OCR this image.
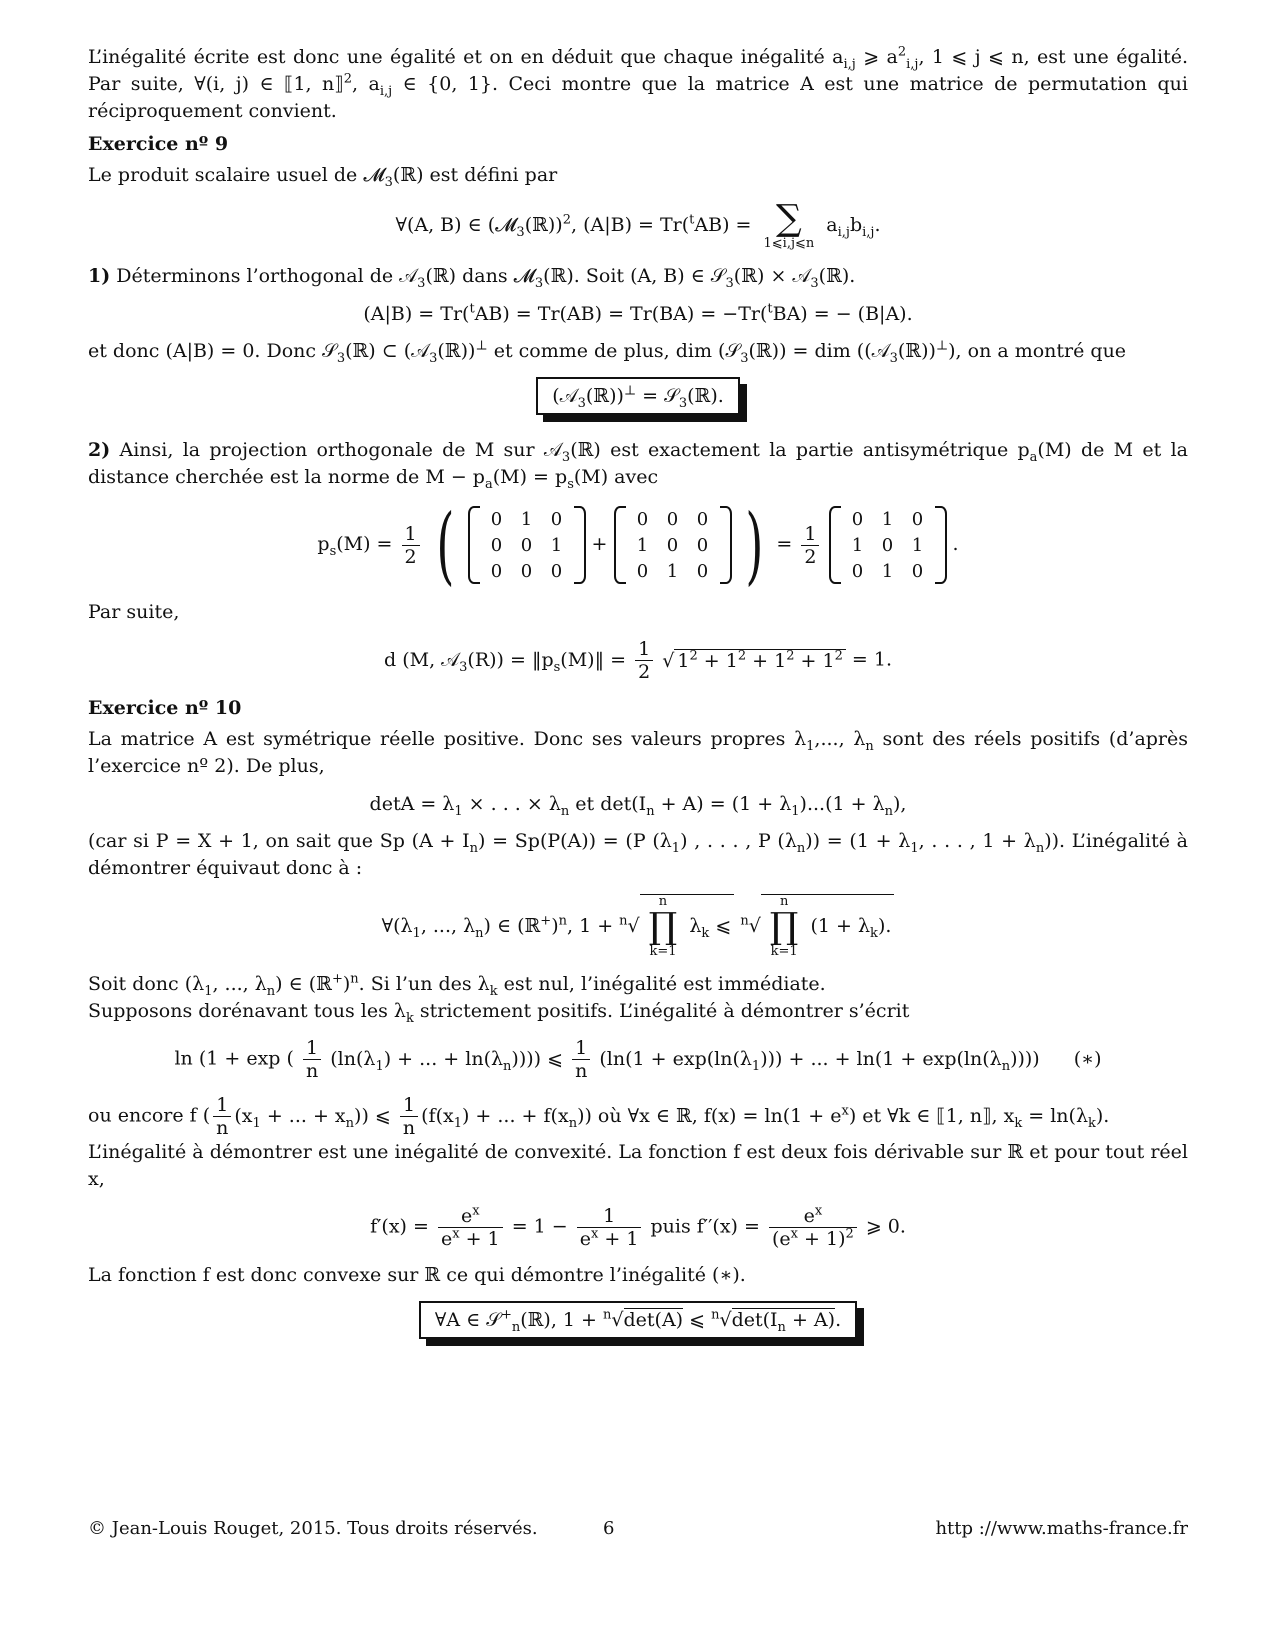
L’inégalité écrite est donc une égalité et on en déduit que chaque inégalité $a_{i,j}$ ⩾ $a^2_{i,j}$, 1 ⩽ j ⩽ n, est une égalité. Par suite, ∀(i, j) ∈ ⟦1, n⟧$^2$, $a_{i,j}$ ∈ {0, 1}. Ceci montre que la matrice A est une matrice de permutation qui réciproquement convient.

Exercice nº 9

Le produit scalaire usuel de 𝓜$_3$(ℝ) est défini par

∀(A, B) ∈ (𝓜$_3$(ℝ))$^2$, (A|B) = Tr($^t$AB) = ∑
1⩽i,j⩽n
$a_{i,j}b_{i,j}$.

1) Déterminons l’orthogonal de 𝒜$_3$(ℝ) dans 𝓜$_3$(ℝ). Soit (A, B) ∈ 𝒮$_3$(ℝ) × 𝒜$_3$(ℝ).

(A|B) = Tr($^t$AB) = Tr(AB) = Tr(BA) = −Tr($^t$BA) = − (B|A).

et donc (A|B) = 0. Donc 𝒮$_3$(ℝ) ⊂ (𝒜$_3$(ℝ))⊥ et comme de plus, dim (𝒮$_3$(ℝ)) = dim ((𝒜$_3$(ℝ))⊥), on a montré que

(𝒜$_3$(ℝ))⊥ = 𝒮$_3$(ℝ).

2) Ainsi, la projection orthogonale de M sur 𝒜$_3$(ℝ) est exactement la partie antisymétrique $p_a(M)$ de M et la distance cherchée est la norme de $M - p_a(M) = p_s(M)$ avec

$p_s(M) = \frac{1}{2}$ ( 0	1	0
0	0	1
0	0	0
+
0	0	0
1	0	0
0	1	0 ) = $\frac{1}{2}$

0	1	0
1	0	1
0	1	0
.

Par suite,

d (M, 𝒜$_3$(R)) = $‖p_s(M)‖ = \frac{1}{2}$ √ $1^2 + 1^2 + 1^2 + 1^2 = 1$.
Exercice nº 10

La matrice A est symétrique réelle positive. Donc ses valeurs propres $\lambda_1$,..., $\lambda_n$ sont des réels positifs (d’après l’exercice nº 2). De plus,

$\det A = \lambda_1$ × . . . × $\lambda_n$ et $\det(I_n + A) = (1 + \lambda_1)...(1 + \lambda_n)$,

(car si P = X + 1, on sait que Sp $(A + I_n) = Sp(P(A)) = (P$ $(\lambda_1)$ , . . . , P $(\lambda_n)) = (1 + \lambda_1$, . . . , $1 + \lambda_n$)). L’inégalité à démontrer équivaut donc à :

$\forall(\lambda_1$, ..., $\lambda_n$) ∈ (ℝ+)$^n$, 1 + $^n$√
n
∏
k=1
$\lambda_k$ ⩽ $^n$√
n
∏
k=1
$(1 + \lambda_k)$.

Soit donc ($\lambda_1$, ..., $\lambda_n$) ∈ (ℝ+)$^n$. Si l’un des $\lambda_k$ est nul, l’inégalité est immédiate.

Supposons dorénavant tous les $\lambda_k$ strictement positifs. L’inégalité à démontrer s’écrit

ln (1 + exp ( $\frac{1}{n} (\ln(\lambda_1)$ + ... + $\ln(\lambda_n)$))) ⩽ $\frac{1}{n} (\ln(1 + \exp(\ln(\lambda_1)))$ + ... + $\ln(1 + \exp(\ln(\lambda_n)))$) (∗)

ou encore f ( $\frac{1}{n} (x_1$ + ... + $x_n$)) ⩽ $\frac{1}{n} (f(x_1)$ + ... + $f(x_n)$) où ∀x ∈ ℝ, $f(x) = \ln(1 + e^x)$ et ∀k ∈ ⟦1, n⟧, $x_k = \ln(\lambda_k)$.

L’inégalité à démontrer est une inégalité de convexité. La fonction f est deux fois dérivable sur ℝ et pour tout réel x,

$f'(x) = \frac{e^x}{e^x + 1} = 1 - \frac{1}{e^x + 1}$ puis $f''(x) = \frac{e^x}{(e^x + 1)^2}$ ⩾ 0.

La fonction f est donc convexe sur ℝ ce qui démontre l’inégalité (∗).

∀A ∈ 𝒮+$_n$(ℝ), 1 + $^n$√det(A) ⩽ $^n√\det(I_n + A)$.
© Jean-Louis Rouget, 2015. Tous droits réservés.	6	http ://www.maths-france.fr
